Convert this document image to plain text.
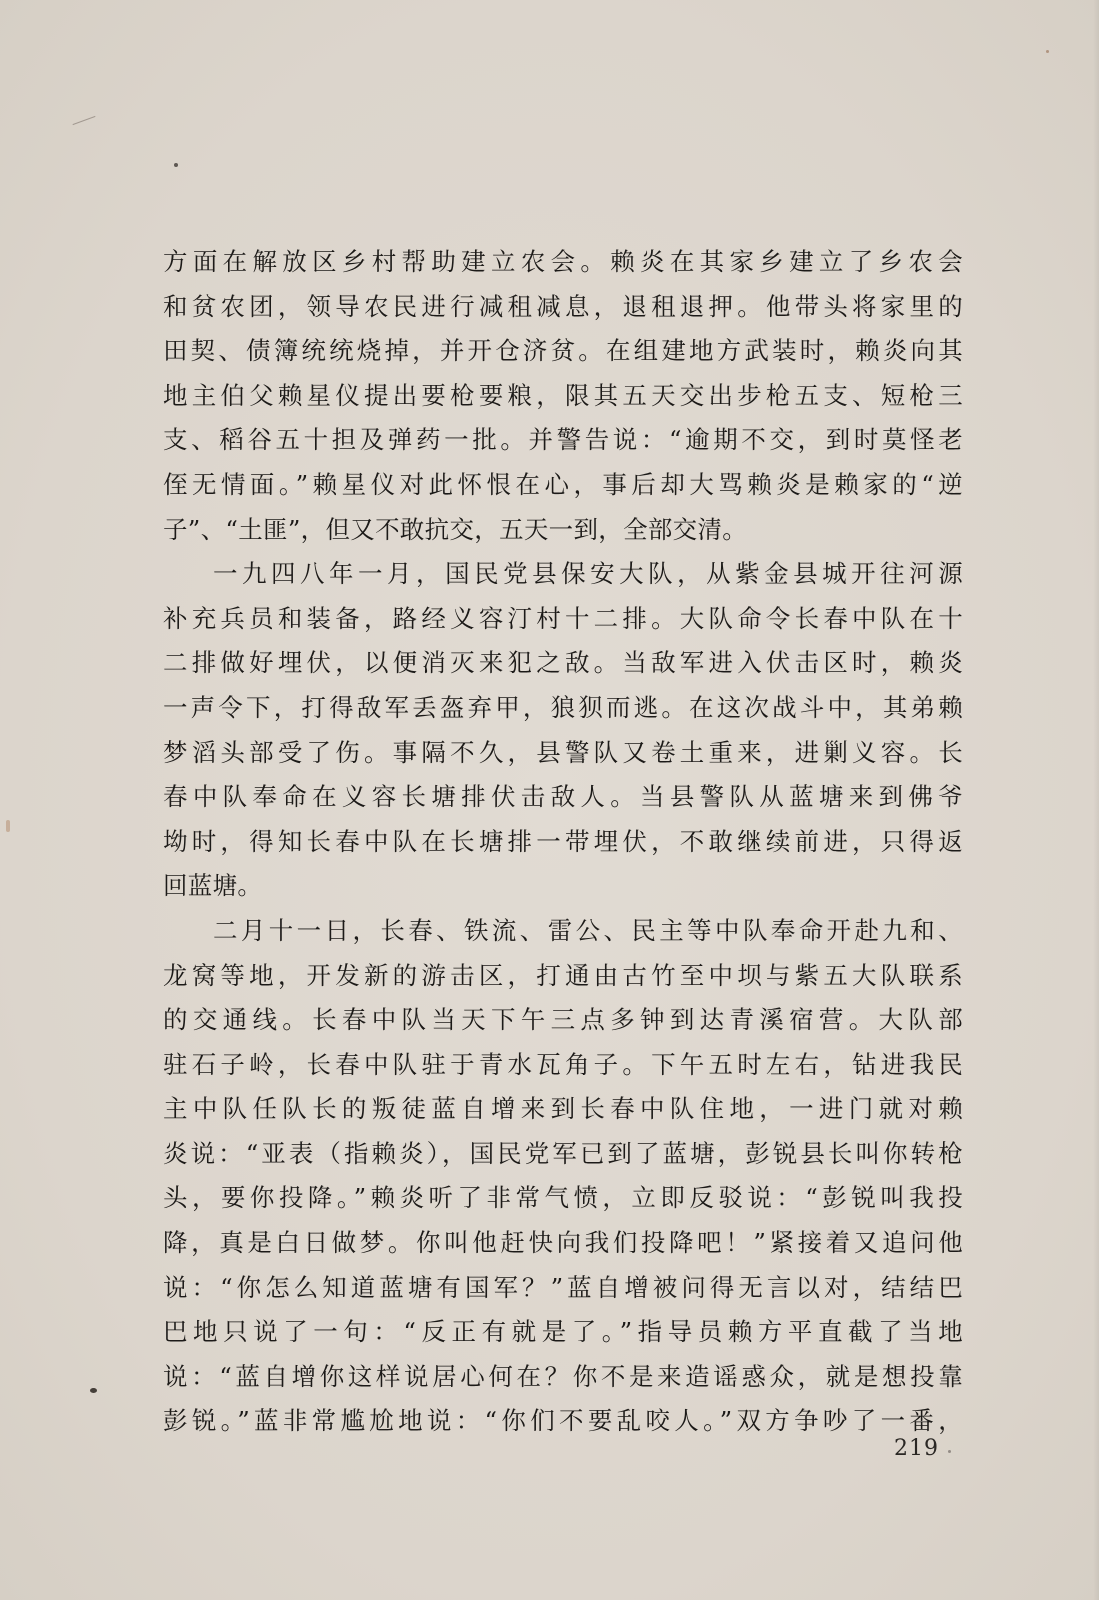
方面在解放区乡村帮助建立农会。赖炎在其家乡建立了乡农会
和贫农团，领导农民进行减租减息，退租退押。他带头将家里的
田契、债簿统统烧掉，并开仓济贫。在组建地方武装时，赖炎向其
地主伯父赖星仪提出要枪要粮，限其五天交出步枪五支、短枪三
支、稻谷五十担及弹药一批。并警告说：“逾期不交，到时莫怪老
侄无情面。”赖星仪对此怀恨在心，事后却大骂赖炎是赖家的“逆
子”、“土匪”，但又不敢抗交，五天一到，全部交清。
一九四八年一月，国民党县保安大队，从紫金县城开往河源
补充兵员和装备，路经义容汀村十二排。大队命令长春中队在十
二排做好埋伏，以便消灭来犯之敌。当敌军进入伏击区时，赖炎
一声令下，打得敌军丢盔弃甲，狼狈而逃。在这次战斗中，其弟赖
梦滔头部受了伤。事隔不久，县警队又卷土重来，进剿义容。长
春中队奉命在义容长塘排伏击敌人。当县警队从蓝塘来到佛爷
坳时，得知长春中队在长塘排一带埋伏，不敢继续前进，只得返
回蓝塘。
二月十一日，长春、铁流、雷公、民主等中队奉命开赴九和、
龙窝等地，开发新的游击区，打通由古竹至中坝与紫五大队联系
的交通线。长春中队当天下午三点多钟到达青溪宿营。大队部
驻石子岭，长春中队驻于青水瓦角子。下午五时左右，钻进我民
主中队任队长的叛徒蓝自增来到长春中队住地，一进门就对赖
炎说：“亚表（指赖炎），国民党军已到了蓝塘，彭锐县长叫你转枪
头，要你投降。”赖炎听了非常气愤，立即反驳说：“彭锐叫我投
降，真是白日做梦。你叫他赶快向我们投降吧！”紧接着又追问他
说：“你怎么知道蓝塘有国军？”蓝自增被问得无言以对，结结巴
巴地只说了一句：“反正有就是了。”指导员赖方平直截了当地
说：“蓝自增你这样说居心何在？你不是来造谣惑众，就是想投靠
彭锐。”蓝非常尴尬地说：“你们不要乱咬人。”双方争吵了一番，
219
